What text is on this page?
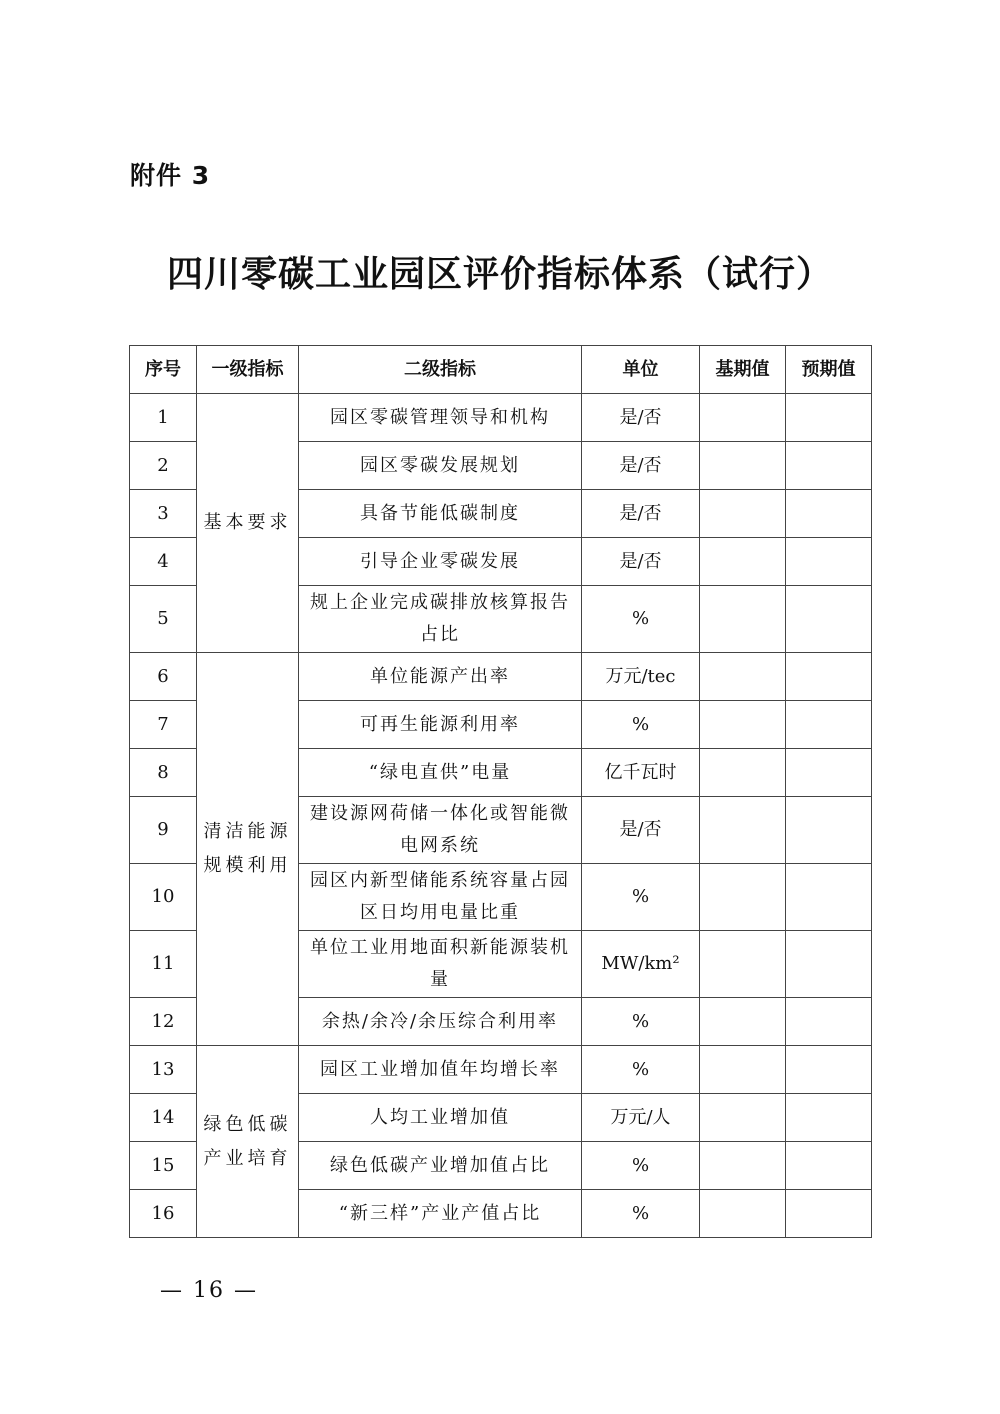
附件 3
四川零碳工业园区评价指标体系（试行）
序号	一级指标	二级指标	单位	基期值	预期值
1	基本要求	园区零碳管理领导和机构	是/否		
2		园区零碳发展规划	是/否		
3		具备节能低碳制度	是/否		
4		引导企业零碳发展	是/否		
5		规上企业完成碳排放核算报告占比	%		
6	清洁能源规模利用	单位能源产出率	万元/tec		
7		可再生能源利用率	%		
8		“绿电直供”电量	亿千瓦时		
9		建设源网荷储一体化或智能微电网系统	是/否		
10		园区内新型储能系统容量占园区日均用电量比重	%		
11		单位工业用地面积新能源装机量	MW/km²		
12		余热/余冷/余压综合利用率	%		
13	绿色低碳产业培育	园区工业增加值年均增长率	%		
14		人均工业增加值	万元/人		
15		绿色低碳产业增加值占比	%		
16		“新三样”产业产值占比	%		
— 16 —
